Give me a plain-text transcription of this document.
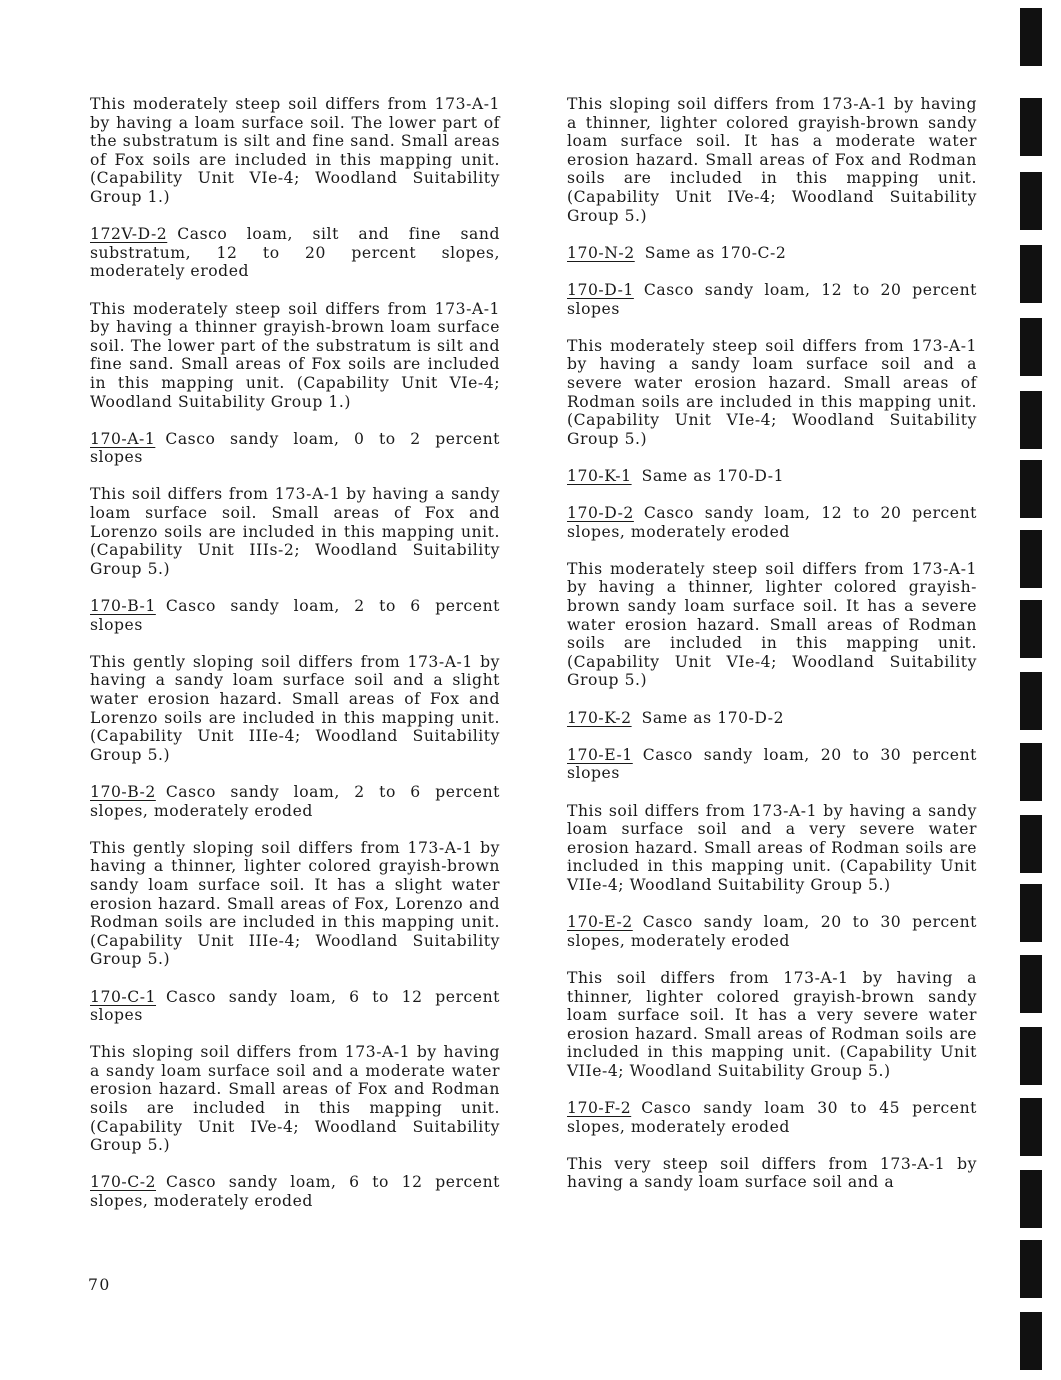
This moderately steep soil differs from 173-A-1 by having a loam surface soil. The lower part of the substratum is silt and fine sand. Small areas of Fox soils are included in this mapping unit. (Capability Unit VIe-4; Woodland Suitability Group 1.)

172V-D-2 Casco loam, silt and fine sand substratum, 12 to 20 percent slopes, moderately eroded

This moderately steep soil differs from 173-A-1 by having a thinner grayish-brown loam surface soil. The lower part of the substratum is silt and fine sand. Small areas of Fox soils are included in this mapping unit. (Capability Unit VIe-4; Woodland Suitability Group 1.)

170-A-1 Casco sandy loam, 0 to 2 percent slopes

This soil differs from 173-A-1 by having a sandy loam surface soil. Small areas of Fox and Lorenzo soils are included in this mapping unit. (Capability Unit IIIs-2; Woodland Suitability Group 5.)

170-B-1 Casco sandy loam, 2 to 6 percent slopes

This gently sloping soil differs from 173-A-1 by having a sandy loam surface soil and a slight water erosion hazard. Small areas of Fox and Lorenzo soils are included in this mapping unit. (Capability Unit IIIe-4; Woodland Suitability Group 5.)

170-B-2 Casco sandy loam, 2 to 6 percent slopes, moderately eroded

This gently sloping soil differs from 173-A-1 by having a thinner, lighter colored grayish-brown sandy loam surface soil. It has a slight water erosion hazard. Small areas of Fox, Lorenzo and Rodman soils are included in this mapping unit. (Capability Unit IIIe-4; Woodland Suitability Group 5.)

170-C-1 Casco sandy loam, 6 to 12 percent slopes

This sloping soil differs from 173-A-1 by having a sandy loam surface soil and a moderate water erosion hazard. Small areas of Fox and Rodman soils are included in this mapping unit. (Capability Unit IVe-4; Woodland Suitability Group 5.)

170-C-2 Casco sandy loam, 6 to 12 percent slopes, moderately eroded

This sloping soil differs from 173-A-1 by having a thinner, lighter colored grayish-brown sandy loam surface soil. It has a moderate water erosion hazard. Small areas of Fox and Rodman soils are included in this mapping unit. (Capability Unit IVe-4; Woodland Suitability Group 5.)

170-N-2 Same as 170-C-2

170-D-1 Casco sandy loam, 12 to 20 percent slopes

This moderately steep soil differs from 173-A-1 by having a sandy loam surface soil and a severe water erosion hazard. Small areas of Rodman soils are included in this mapping unit. (Capability Unit VIe-4; Woodland Suitability Group 5.)

170-K-1 Same as 170-D-1

170-D-2 Casco sandy loam, 12 to 20 percent slopes, moderately eroded

This moderately steep soil differs from 173-A-1 by having a thinner, lighter colored grayish-brown sandy loam surface soil. It has a severe water erosion hazard. Small areas of Rodman soils are included in this mapping unit. (Capability Unit VIe-4; Woodland Suitability Group 5.)

170-K-2 Same as 170-D-2

170-E-1 Casco sandy loam, 20 to 30 percent slopes

This soil differs from 173-A-1 by having a sandy loam surface soil and a very severe water erosion hazard. Small areas of Rodman soils are included in this mapping unit. (Capability Unit VIIe-4; Woodland Suitability Group 5.)

170-E-2 Casco sandy loam, 20 to 30 percent slopes, moderately eroded

This soil differs from 173-A-1 by having a thinner, lighter colored grayish-brown sandy loam surface soil. It has a very severe water erosion hazard. Small areas of Rodman soils are included in this mapping unit. (Capability Unit VIIe-4; Woodland Suitability Group 5.)

170-F-2 Casco sandy loam 30 to 45 percent slopes, moderately eroded

This very steep soil differs from 173-A-1 by having a sandy loam surface soil and a

70
